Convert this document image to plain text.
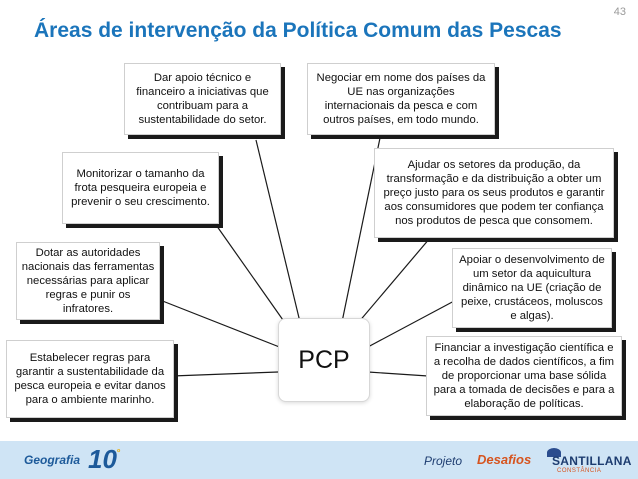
43
Áreas de intervenção da Política Comum das Pescas
Dar apoio técnico e financeiro a iniciativas que contribuam para a sustentabilidade do setor.
Negociar em nome dos países da UE nas organizações internacionais da pesca e com outros países, em todo mundo.
Monitorizar o tamanho da frota pesqueira europeia e prevenir o seu crescimento.
Ajudar os setores da produção, da transformação e da distribuição a obter um preço justo para os seus produtos e garantir aos consumidores que podem ter confiança nos produtos de pesca que consomem.
Dotar as autoridades nacionais das ferramentas necessárias para aplicar regras e punir os infratores.
Apoiar o desenvolvimento de um setor da aquicultura dinâmico na UE (criação de peixe, crustáceos, moluscos e algas).
Estabelecer regras para garantir a sustentabilidade da pesca europeia e evitar danos para o ambiente marinho.
Financiar a investigação científica e a recolha de dados científicos, a fim de proporcionar uma base sólida para a tomada de decisões e para a elaboração de políticas.
PCP
Geografia 10 º
Projeto Desafios SANTILLANA
CONSTÂNCIA
